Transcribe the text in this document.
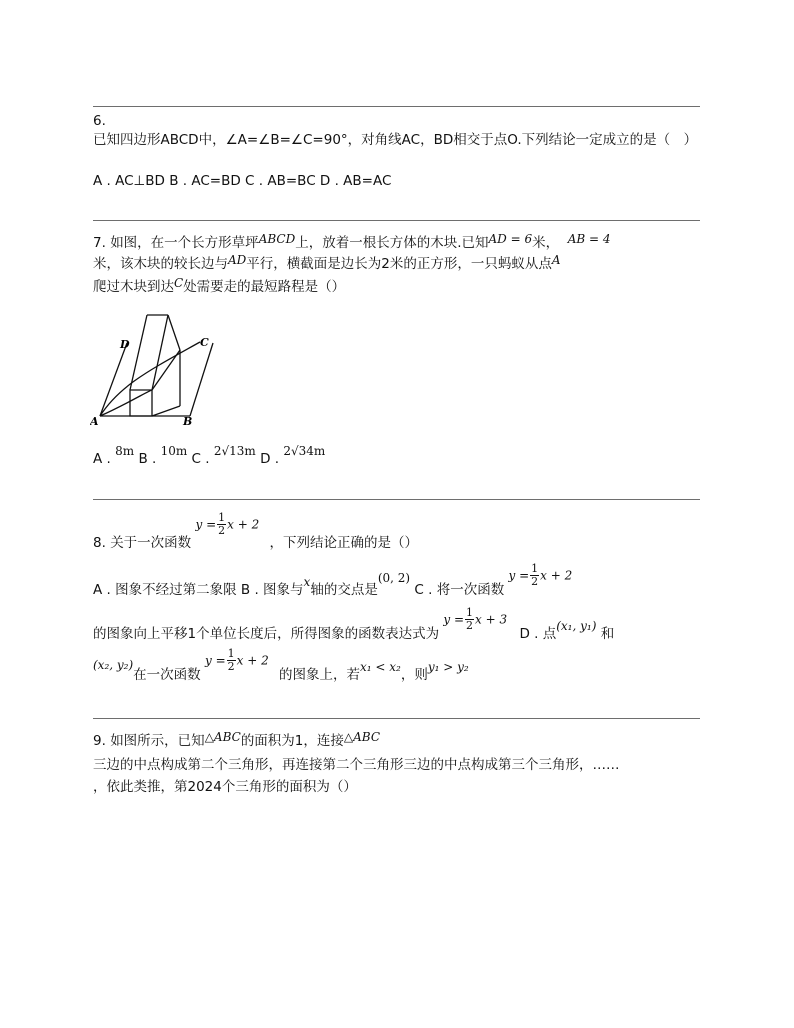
6.
已知四边形ABCD中，∠A=∠B=∠C=90°，对角线AC，BD相交于点O.下列结论一定成立的是（　）
A . AC⊥BD B . AC=BD C . AB=BC D . AB=AC
7. 如图，在一个长方形草坪ABCD上，放着一根长方体的木块.已知AD = 6米， AB = 4
米，该木块的较长边与AD平行，横截面是边长为2米的正方形，一只蚂蚁从点A
爬过木块到达C处需要走的最短路程是（）
A	B
C
D
A . 8m B . 10m C . 2√13m D . 2√34m
8. 关于一次函数 $y = \frac{1}{2}$ x + 2 ，下列结论正确的是（）
A . 图象不经过第二象限 B . 图象与x轴的交点是(0, 2) C . 将一次函数 $y = \frac{1}{2}$ x + 2
的图象向上平移1个单位长度后，所得图象的函数表达式为 $y = \frac{1}{2}$ x + 3 D . 点(x₁, y₁) 和
(x₂, y₂)在一次函数 $y = \frac{1}{2}$ x + 2 的图象上，若x₁ < x₂，则y₁ > y₂
9. 如图所示，已知△ABC的面积为1，连接△ABC
三边的中点构成第二个三角形，再连接第二个三角形三边的中点构成第三个三角形，……
，依此类推，第2024个三角形的面积为（）
